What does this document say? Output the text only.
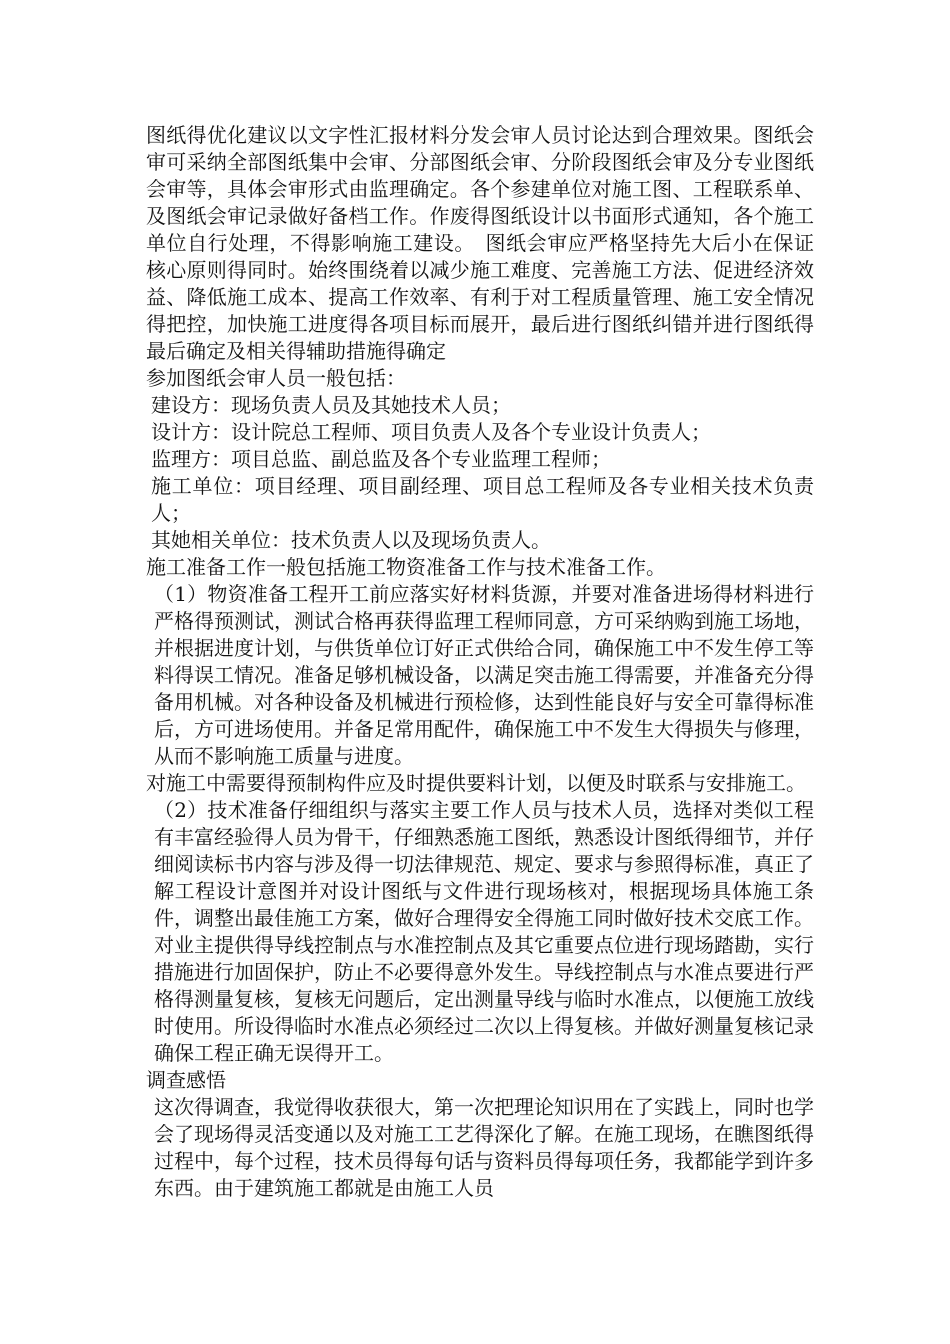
图纸得优化建议以文字性汇报材料分发会审人员讨论达到合理效果。图纸会审可采纳全部图纸集中会审、分部图纸会审、分阶段图纸会审及分专业图纸会审等，具体会审形式由监理确定。各个参建单位对施工图、工程联系单、及图纸会审记录做好备档工作。作废得图纸设计以书面形式通知，各个施工单位自行处理，不得影响施工建设。　图纸会审应严格坚持先大后小在保证核心原则得同时。始终围绕着以减少施工难度、完善施工方法、促进经济效益、降低施工成本、提高工作效率、有利于对工程质量管理、施工安全情况得把控，加快施工进度得各项目标而展开，最后进行图纸纠错并进行图纸得最后确定及相关得辅助措施得确定

参加图纸会审人员一般包括：

建设方：现场负责人员及其她技术人员；

设计方：设计院总工程师、项目负责人及各个专业设计负责人；

监理方：项目总监、副总监及各个专业监理工程师；

施工单位：项目经理、项目副经理、项目总工程师及各专业相关技术负责人；

其她相关单位：技术负责人以及现场负责人。

施工准备工作一般包括施工物资准备工作与技术准备工作。

（1）物资准备工程开工前应落实好材料货源，并要对准备进场得材料进行严格得预测试，测试合格再获得监理工程师同意，方可采纳购到施工场地，并根据进度计划，与供货单位订好正式供给合同，确保施工中不发生停工等料得误工情况。准备足够机械设备，以满足突击施工得需要，并准备充分得备用机械。对各种设备及机械进行预检修，达到性能良好与安全可靠得标准后，方可进场使用。并备足常用配件，确保施工中不发生大得损失与修理，从而不影响施工质量与进度。

对施工中需要得预制构件应及时提供要料计划，以便及时联系与安排施工。

（2）技术准备仔细组织与落实主要工作人员与技术人员，选择对类似工程有丰富经验得人员为骨干，仔细熟悉施工图纸，熟悉设计图纸得细节，并仔细阅读标书内容与涉及得一切法律规范、规定、要求与参照得标准，真正了解工程设计意图并对设计图纸与文件进行现场核对，根据现场具体施工条件，调整出最佳施工方案，做好合理得安全得施工同时做好技术交底工作。对业主提供得导线控制点与水准控制点及其它重要点位进行现场踏勘，实行措施进行加固保护，防止不必要得意外发生。导线控制点与水准点要进行严格得测量复核，复核无问题后，定出测量导线与临时水准点，以便施工放线时使用。所设得临时水准点必须经过二次以上得复核。并做好测量复核记录确保工程正确无误得开工。

调查感悟

这次得调查，我觉得收获很大，第一次把理论知识用在了实践上，同时也学会了现场得灵活变通以及对施工工艺得深化了解。在施工现场，在瞧图纸得过程中，每个过程，技术员得每句话与资料员得每项任务，我都能学到许多东西。由于建筑施工都就是由施工人员
